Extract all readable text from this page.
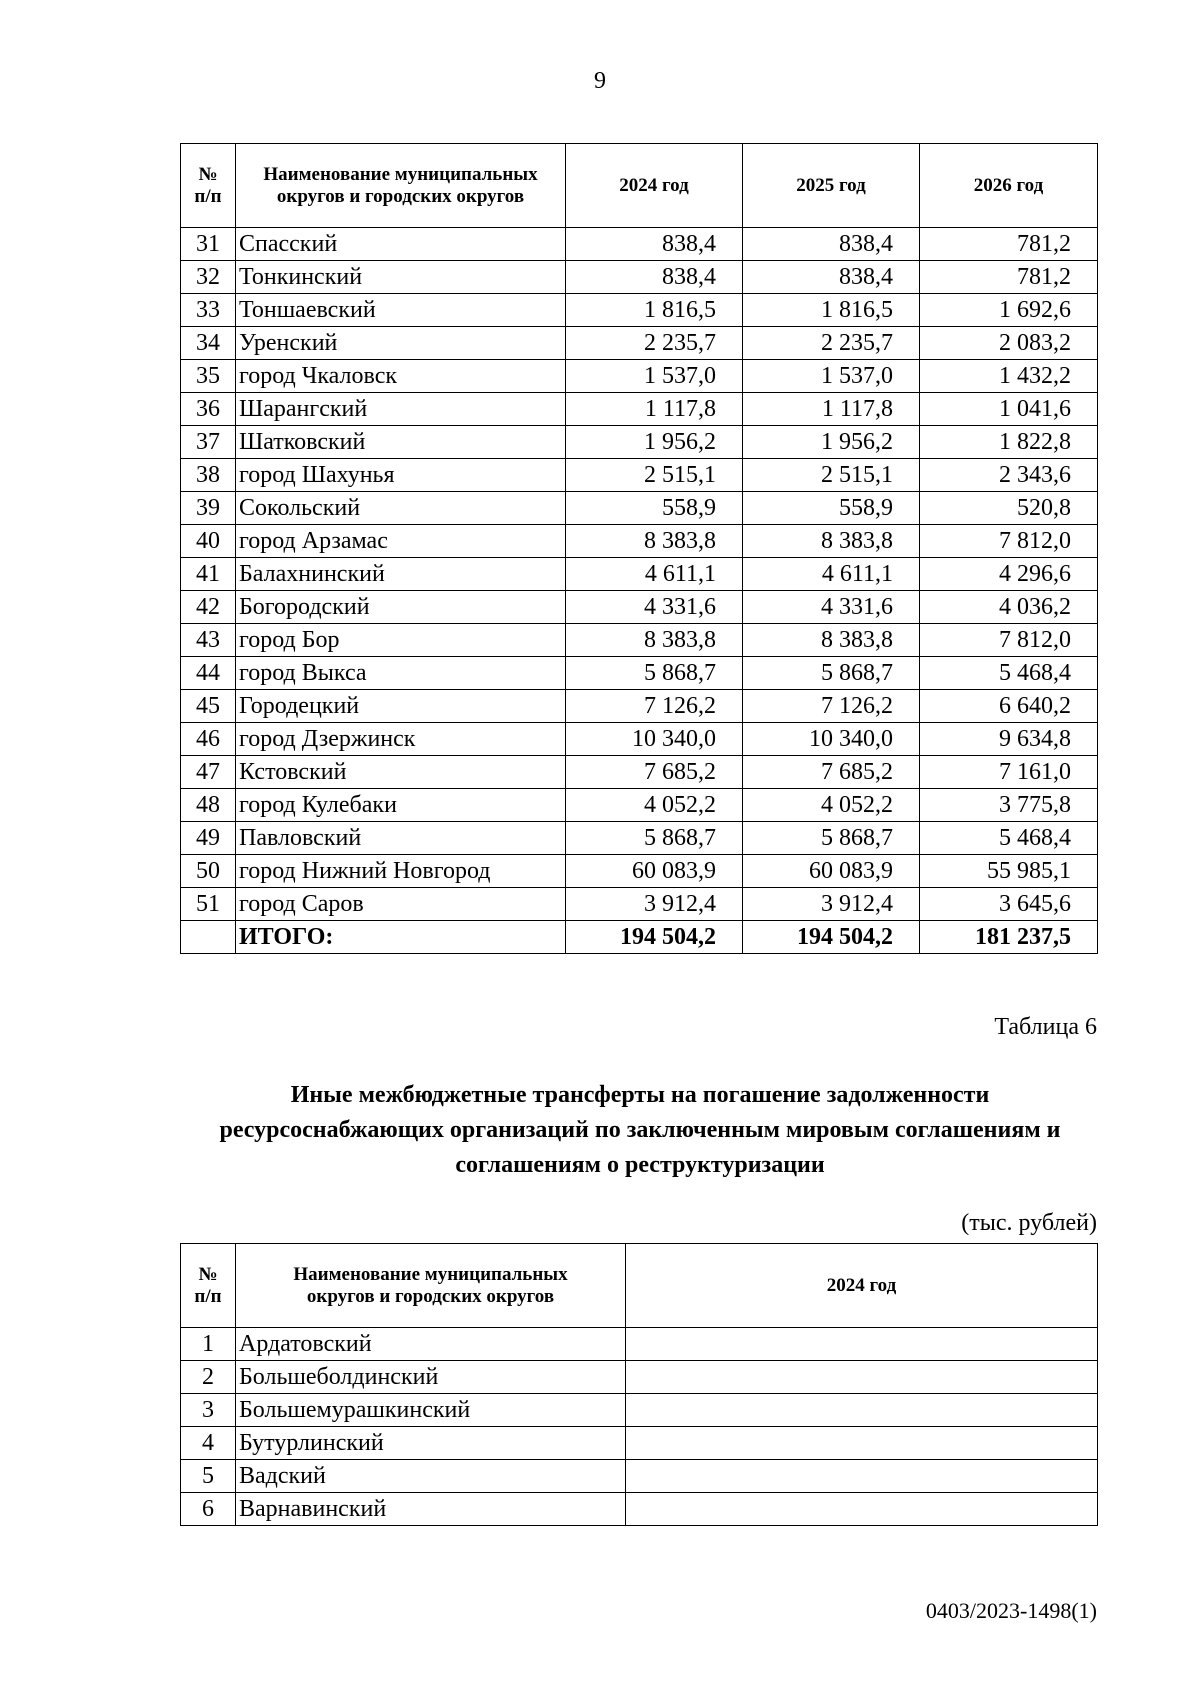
9
№ п/п	Наименование муниципальных округов и городских округов	2024 год	2025 год	2026 год
31	Спасский	838,4	838,4	781,2
32	Тонкинский	838,4	838,4	781,2
33	Тоншаевский	1 816,5	1 816,5	1 692,6
34	Уренский	2 235,7	2 235,7	2 083,2
35	город Чкаловск	1 537,0	1 537,0	1 432,2
36	Шарангский	1 117,8	1 117,8	1 041,6
37	Шатковский	1 956,2	1 956,2	1 822,8
38	город Шахунья	2 515,1	2 515,1	2 343,6
39	Сокольский	558,9	558,9	520,8
40	город Арзамас	8 383,8	8 383,8	7 812,0
41	Балахнинский	4 611,1	4 611,1	4 296,6
42	Богородский	4 331,6	4 331,6	4 036,2
43	город Бор	8 383,8	8 383,8	7 812,0
44	город Выкса	5 868,7	5 868,7	5 468,4
45	Городецкий	7 126,2	7 126,2	6 640,2
46	город Дзержинск	10 340,0	10 340,0	9 634,8
47	Кстовский	7 685,2	7 685,2	7 161,0
48	город Кулебаки	4 052,2	4 052,2	3 775,8
49	Павловский	5 868,7	5 868,7	5 468,4
50	город Нижний Новгород	60 083,9	60 083,9	55 985,1
51	город Саров	3 912,4	3 912,4	3 645,6
	ИТОГО:	194 504,2	194 504,2	181 237,5
Таблица 6
Иные межбюджетные трансферты на погашение задолженности ресурсоснабжающих организаций по заключенным мировым соглашениям и соглашениям о реструктуризации
(тыс. рублей)
№ п/п	Наименование муниципальных округов и городских округов	2024 год
1	Ардатовский	
2	Большеболдинский	
3	Большемурашкинский	
4	Бутурлинский	
5	Вадский	
6	Варнавинский	
0403/2023-1498(1)
